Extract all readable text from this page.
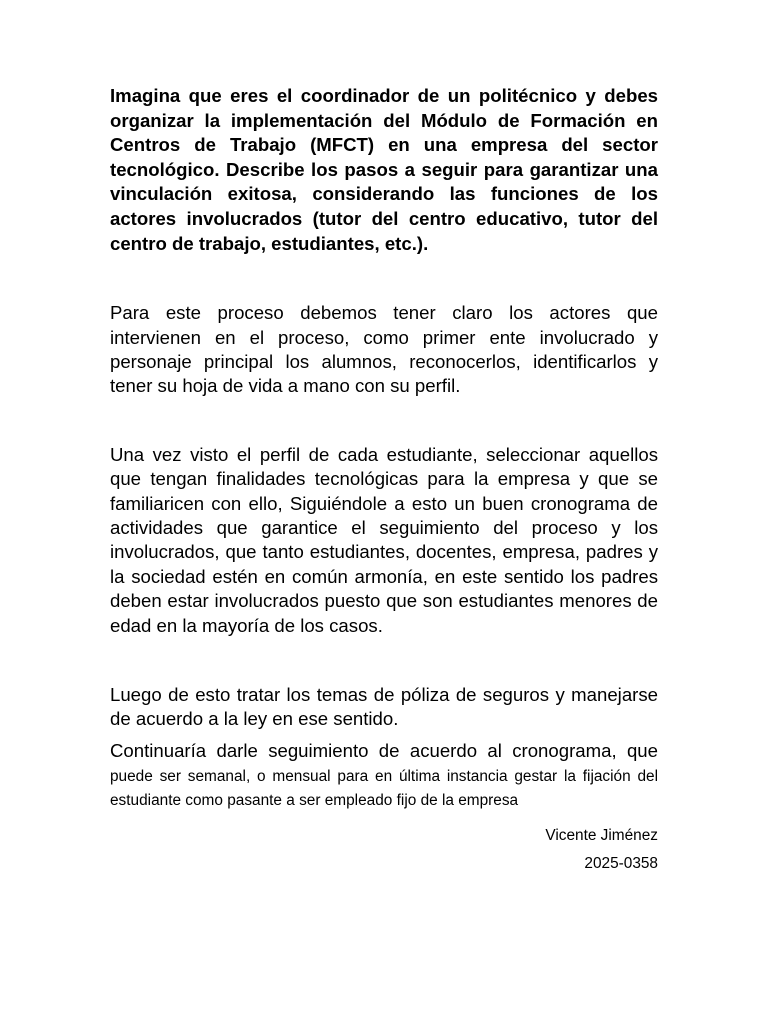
Imagina que eres el coordinador de un politécnico y debes organizar la implementación del Módulo de Formación en Centros de Trabajo (MFCT) en una empresa del sector tecnológico. Describe los pasos a seguir para garantizar una vinculación exitosa, considerando las funciones de los actores involucrados (tutor del centro educativo, tutor del centro de trabajo, estudiantes, etc.).

Para este proceso debemos tener claro los actores que intervienen en el proceso, como primer ente involucrado y personaje principal los alumnos, reconocerlos, identificarlos y tener su hoja de vida a mano con su perfil.

Una vez visto el perfil de cada estudiante, seleccionar aquellos que tengan finalidades tecnológicas para la empresa y que se familiaricen con ello, Siguiéndole a esto un buen cronograma de actividades que garantice el seguimiento del proceso y los involucrados, que tanto estudiantes, docentes, empresa, padres y la sociedad estén en común armonía, en este sentido los padres deben estar involucrados puesto que son estudiantes menores de edad en la mayoría de los casos.

Luego de esto tratar los temas de póliza de seguros y manejarse de acuerdo a la ley en ese sentido.

Continuaría darle seguimiento de acuerdo al cronograma, que puede ser semanal, o mensual para en última instancia gestar la fijación del estudiante como pasante a ser empleado fijo de la empresa

Vicente Jiménez

2025-0358
